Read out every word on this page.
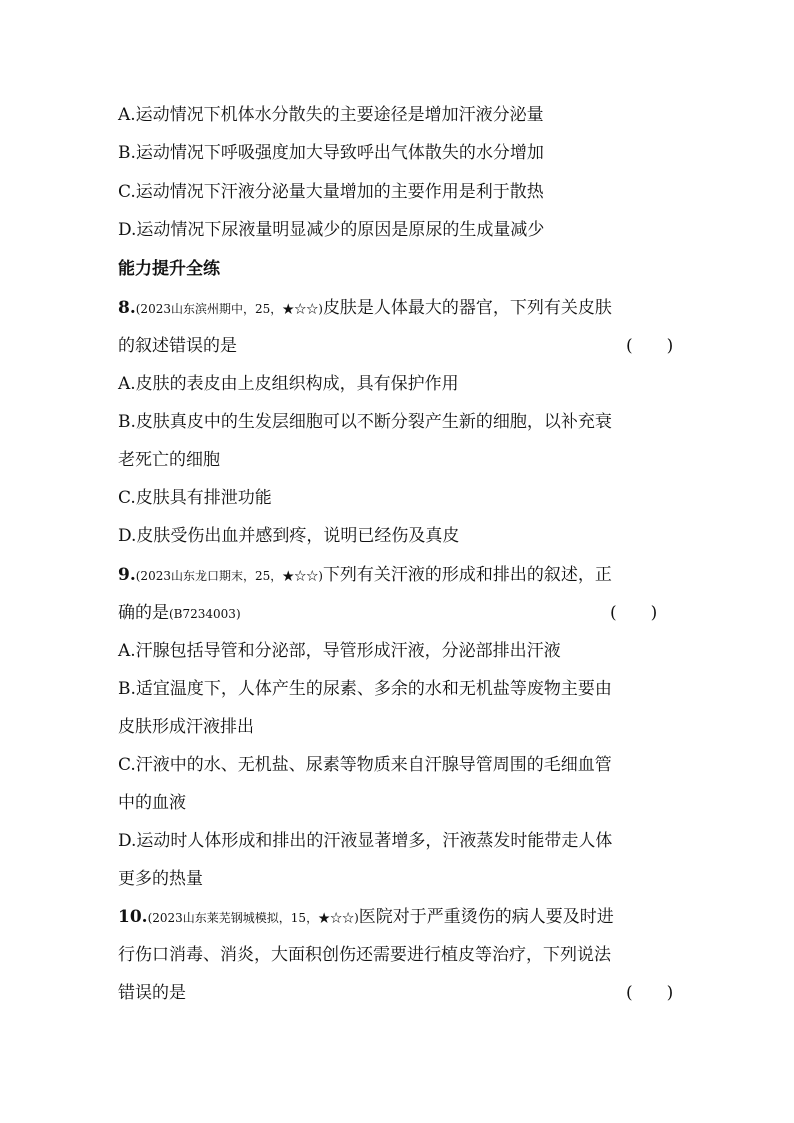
A.运动情况下机体水分散失的主要途径是增加汗液分泌量
B.运动情况下呼吸强度加大导致呼出气体散失的水分增加
C.运动情况下汗液分泌量大量增加的主要作用是利于散热
D.运动情况下尿液量明显减少的原因是原尿的生成量减少
能力提升全练
8.(2023山东滨州期中，25，★☆☆)皮肤是人体最大的器官，下列有关皮肤
的叙述错误的是	(　　)
A.皮肤的表皮由上皮组织构成，具有保护作用
B.皮肤真皮中的生发层细胞可以不断分裂产生新的细胞，以补充衰
老死亡的细胞
C.皮肤具有排泄功能
D.皮肤受伤出血并感到疼，说明已经伤及真皮
9.(2023山东龙口期末，25，★☆☆)下列有关汗液的形成和排出的叙述，正
确的是(B7234003)	(　　)
A.汗腺包括导管和分泌部，导管形成汗液，分泌部排出汗液
B.适宜温度下，人体产生的尿素、多余的水和无机盐等废物主要由
皮肤形成汗液排出
C.汗液中的水、无机盐、尿素等物质来自汗腺导管周围的毛细血管
中的血液
D.运动时人体形成和排出的汗液显著增多，汗液蒸发时能带走人体
更多的热量
10.(2023山东莱芜钢城模拟，15，★☆☆)医院对于严重烫伤的病人要及时进
行伤口消毒、消炎，大面积创伤还需要进行植皮等治疗，下列说法
错误的是	(　　)
